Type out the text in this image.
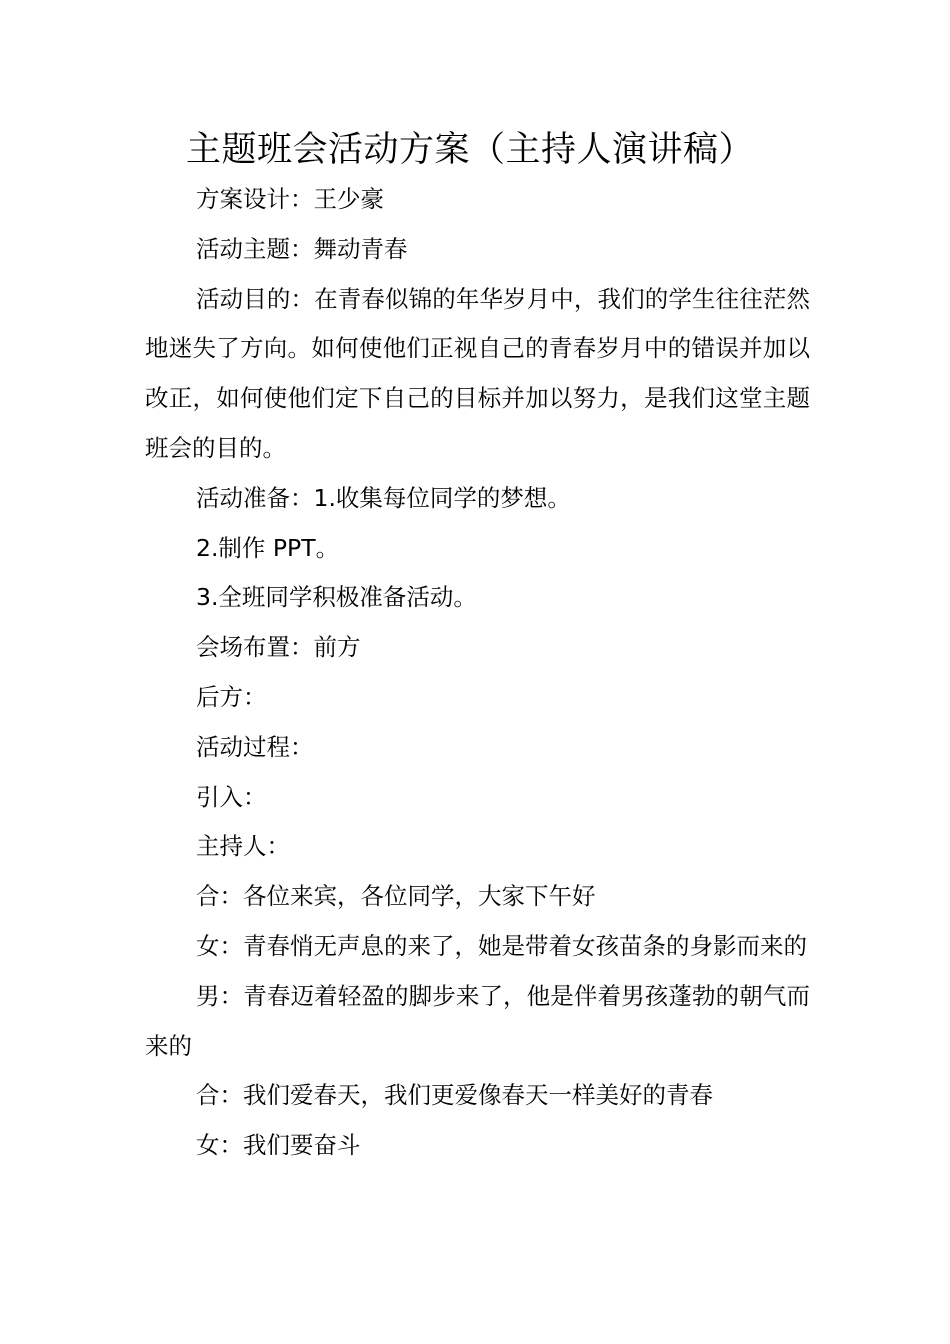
主题班会活动方案（主持人演讲稿）

方案设计：王少豪

活动主题：舞动青春

活动目的：在青春似锦的年华岁月中，我们的学生往往茫然地迷失了方向。如何使他们正视自己的青春岁月中的错误并加以改正，如何使他们定下自己的目标并加以努力，是我们这堂主题班会的目的。

活动准备：1.收集每位同学的梦想。

2.制作 PPT。

3.全班同学积极准备活动。

会场布置：前方

后方：

活动过程：

引入：

主持人：

合：各位来宾，各位同学，大家下午好

女：青春悄无声息的来了，她是带着女孩苗条的身影而来的

男：青春迈着轻盈的脚步来了，他是伴着男孩蓬勃的朝气而来的

合：我们爱春天，我们更爱像春天一样美好的青春

女：我们要奋斗
